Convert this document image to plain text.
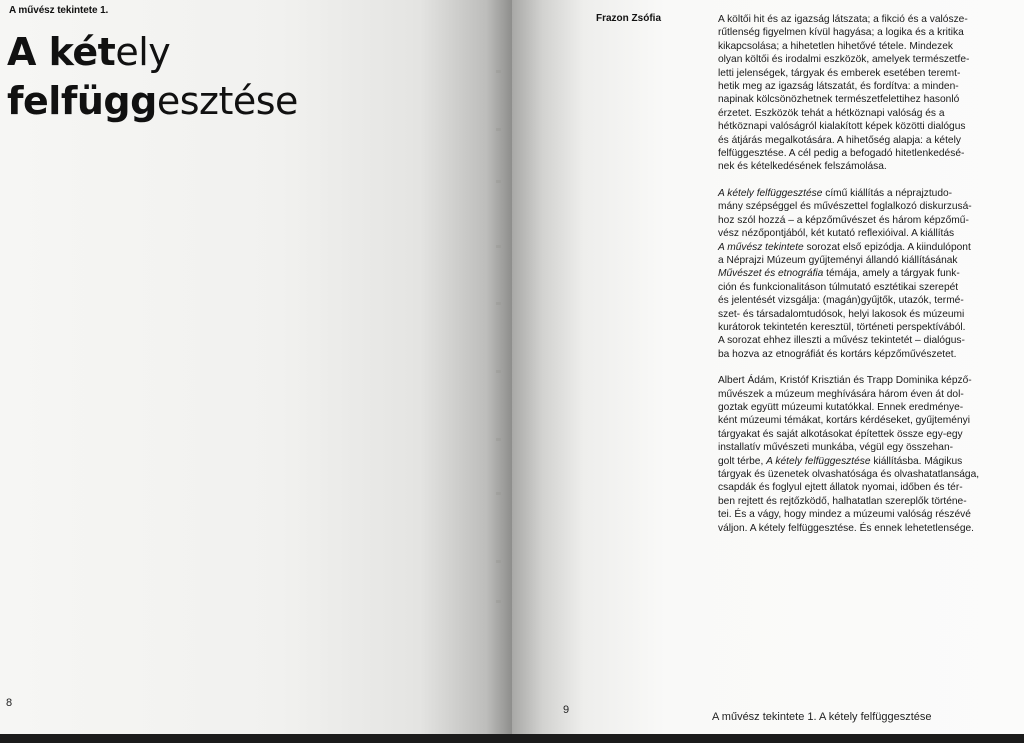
A művész tekintete 1.
A kétely
felfüggesztése
8
Frazon Zsófia	A költői hit és az igazság látszata; a fikció és a valósze-
rűtlenség figyelmen kívül hagyása; a logika és a kritika
kikapcsolása; a hihetetlen hihetővé tétele. Mindezek
olyan költői és irodalmi eszközök, amelyek természetfe-
letti jelenségek, tárgyak és emberek esetében teremt-
hetik meg az igazság látszatát, és fordítva: a minden-
napinak kölcsönözhetnek természetfelettihez hasonló
érzetet. Eszközök tehát a hétköznapi valóság és a
hétköznapi valóságról kialakított képek közötti dialógus
és átjárás megalkotására. A hihetőség alapja: a kétely
felfüggesztése. A cél pedig a befogadó hitetlenkedésé-
nek és kételkedésének felszámolása.

A kétely felfüggesztése című kiállítás a néprajztudo-
mány szépséggel és művészettel foglalkozó diskurzusá-
hoz szól hozzá – a képzőművészet és három képzőmű-
vész nézőpontjából, két kutató reflexióival. A kiállítás
A művész tekintete sorozat első epizódja. A kiindulópont
a Néprajzi Múzeum gyűjteményi állandó kiállításának
Művészet és etnográfia témája, amely a tárgyak funk-
ción és funkcionalitáson túlmutató esztétikai szerepét
és jelentését vizsgálja: (magán)gyűjtők, utazók, termé-
szet- és társadalomtudósok, helyi lakosok és múzeumi
kurátorok tekintetén keresztül, történeti perspektívából.
A sorozat ehhez illeszti a művész tekintetét – dialógus-
ba hozva az etnográfiát és kortárs képzőművészetet.

Albert Ádám, Kristóf Krisztián és Trapp Dominika képző-
művészek a múzeum meghívására három éven át dol-
goztak együtt múzeumi kutatókkal. Ennek eredménye-
ként múzeumi témákat, kortárs kérdéseket, gyűjteményi
tárgyakat és saját alkotásokat építettek össze egy-egy
installatív művészeti munkába, végül egy összehan-
golt térbe, A kétely felfüggesztése kiállításba. Mágikus
tárgyak és üzenetek olvashatósága és olvashatatlansága,
csapdák és foglyul ejtett állatok nyomai, időben és tér-
ben rejtett és rejtőzködő, halhatatlan szereplők történe-
tei. És a vágy, hogy mindez a múzeumi valóság részévé
váljon. A kétely felfüggesztése. És ennek lehetetlensége.

9
A művész tekintete 1. A kétely felfüggesztése
